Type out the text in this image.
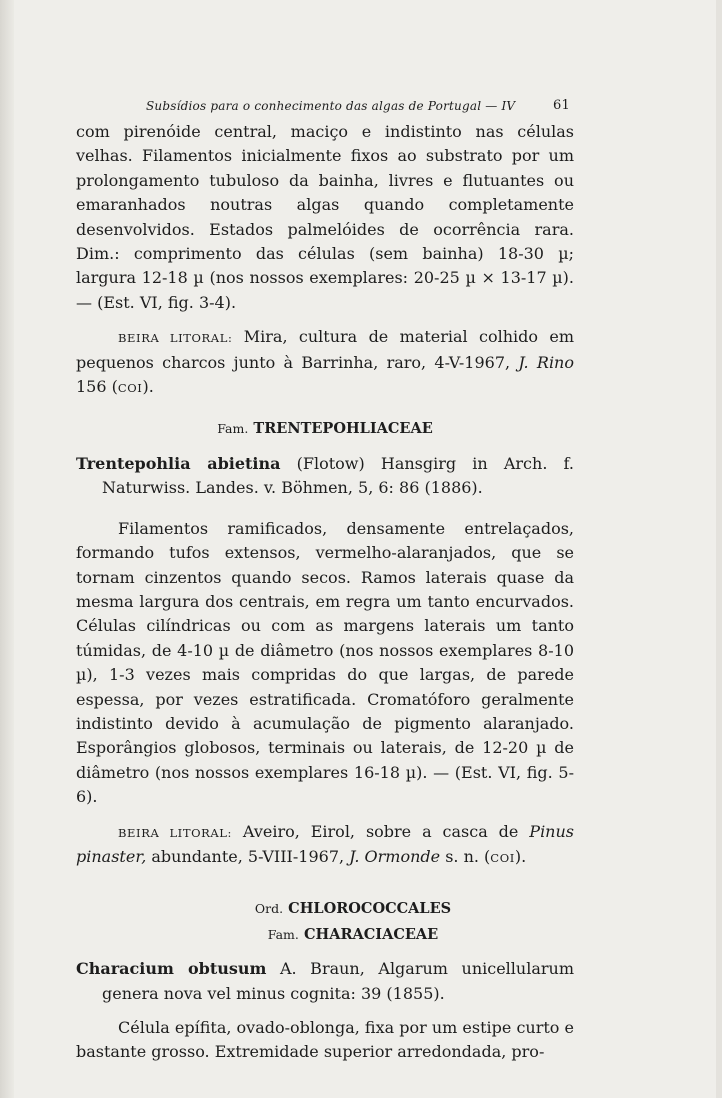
Subsídios para o conhecimento das algas de Portugal — IV	61

com pirenóide central, maciço e indistinto nas células velhas. Filamentos inicialmente fixos ao substrato por um prolongamento tubuloso da bainha, livres e flutuantes ou emaranhados noutras algas quando completamente desenvolvidos. Estados palmelóides de ocorrência rara. Dim.: comprimento das células (sem bainha) 18-30 µ; largura 12-18 µ (nos nossos exemplares: 20-25 µ × 13-17 µ). — (Est. VI, fig. 3-4).

BEIRA LITORAL: Mira, cultura de material colhido em pequenos charcos junto à Barrinha, raro, 4-V-1967, J. Rino 156 (COI).

Fam. TRENTEPOHLIACEAE

Trentepohlia abietina (Flotow) Hansgirg in Arch. f. Naturwiss. Landes. v. Böhmen, 5, 6: 86 (1886).

Filamentos ramificados, densamente entrelaçados, formando tufos extensos, vermelho-alaranjados, que se tornam cinzentos quando secos. Ramos laterais quase da mesma largura dos centrais, em regra um tanto encurvados. Células cilíndricas ou com as margens laterais um tanto túmidas, de 4-10 µ de diâmetro (nos nossos exemplares 8-10 µ), 1-3 vezes mais compridas do que largas, de parede espessa, por vezes estratificada. Cromatóforo geralmente indistinto devido à acumulação de pigmento alaranjado. Esporângios globosos, terminais ou laterais, de 12-20 µ de diâmetro (nos nossos exemplares 16-18 µ). — (Est. VI, fig. 5-6).

BEIRA LITORAL: Aveiro, Eirol, sobre a casca de Pinus pinaster, abundante, 5-VIII-1967, J. Ormonde s. n. (COI).

Ord. CHLOROCOCCALES

Fam. CHARACIACEAE

Characium obtusum A. Braun, Algarum unicellularum genera nova vel minus cognita: 39 (1855).

Célula epífita, ovado-oblonga, fixa por um estipe curto e bastante grosso. Extremidade superior arredondada, pro-
